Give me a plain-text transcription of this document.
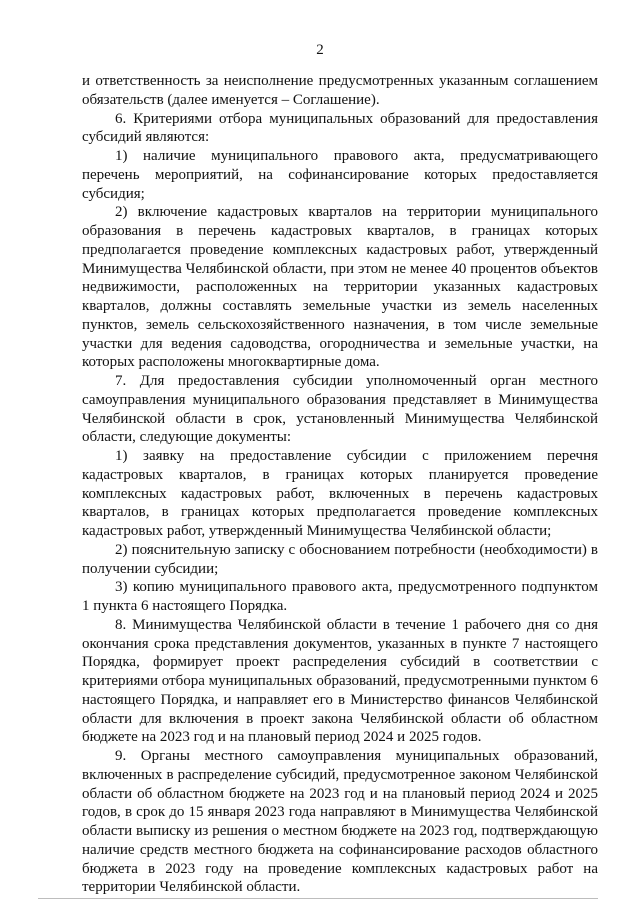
2

и ответственность за неисполнение предусмотренных указанным соглашением обязательств (далее именуется – Соглашение).

6. Критериями отбора муниципальных образований для предоставления субсидий являются:

1) наличие муниципального правового акта, предусматривающего перечень мероприятий, на софинансирование которых предоставляется субсидия;

2) включение кадастровых кварталов на территории муниципального образования в перечень кадастровых кварталов, в границах которых предполагается проведение комплексных кадастровых работ, утвержденный Минимущества Челябинской области, при этом не менее 40 процентов объектов недвижимости, расположенных на территории указанных кадастровых кварталов, должны составлять земельные участки из земель населенных пунктов, земель сельскохозяйственного назначения, в том числе земельные участки для ведения садоводства, огородничества и земельные участки, на которых расположены многоквартирные дома.

7. Для предоставления субсидии уполномоченный орган местного самоуправления муниципального образования представляет в Минимущества Челябинской области в срок, установленный Минимущества Челябинской области, следующие документы:

1) заявку на предоставление субсидии с приложением перечня кадастровых кварталов, в границах которых планируется проведение комплексных кадастровых работ, включенных в перечень кадастровых кварталов, в границах которых предполагается проведение комплексных кадастровых работ, утвержденный Минимущества Челябинской области;

2) пояснительную записку с обоснованием потребности (необходимости) в получении субсидии;

3) копию муниципального правового акта, предусмотренного подпунктом 1 пункта 6 настоящего Порядка.

8. Минимущества Челябинской области в течение 1 рабочего дня со дня окончания срока представления документов, указанных в пункте 7 настоящего Порядка, формирует проект распределения субсидий в соответствии с критериями отбора муниципальных образований, предусмотренными пунктом 6 настоящего Порядка, и направляет его в Министерство финансов Челябинской области для включения в проект закона Челябинской области об областном бюджете на 2023 год и на плановый период 2024 и 2025 годов.

9. Органы местного самоуправления муниципальных образований, включенных в распределение субсидий, предусмотренное законом Челябинской области об областном бюджете на 2023 год и на плановый период 2024 и 2025 годов, в срок до 15 января 2023 года направляют в Минимущества Челябинской области выписку из решения о местном бюджете на 2023 год, подтверждающую наличие средств местного бюджета на софинансирование расходов областного бюджета в 2023 году на проведение комплексных кадастровых работ на территории Челябинской области.
